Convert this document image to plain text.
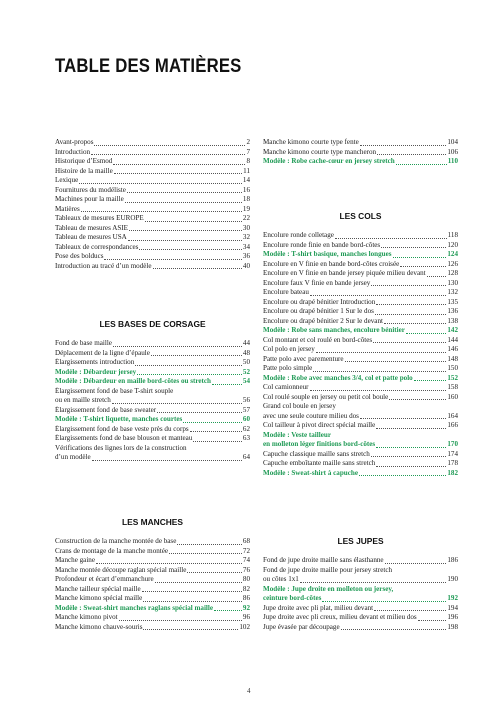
TABLE DES MATIÈRES
Avant-propos	2
Introduction	7
Historique d’Esmod	8
Histoire de la maille	11
Lexique	14
Fournitures du modéliste	16
Machines pour la maille	18
Matières	19
Tableaux de mesures EUROPE	22
Tableau de mesures ASIE	30
Tableau de mesures USA	32
Tableaux de correspondances	34
Pose des bolducs	36
Introduction au tracé d’un modèle	40
LES BASES DE CORSAGE
Fond de base maille	44
Déplacement de la ligne d’épaule	48
Élargissements introduction	50
Modèle : Débardeur jersey	52
Modèle : Débardeur en maille bord-côtes ou stretch	54
Élargissement fond de base T-shirt souple
ou en maille stretch	56
Élargissement fond de base sweater	57
Modèle : T-shirt liquette, manches courtes	60
Élargissement fond de base veste près du corps	62
Élargissements fond de base blouson et manteau	63
Vérifications des lignes lors de la construction
d’un modèle	64
LES MANCHES
Construction de la manche montée de base	68
Crans de montage de la manche montée	72
Manche gaine	74
Manche montée découpe raglan spécial maille	76
Profondeur et écart d’emmanchure	80
Manche tailleur spécial maille	82
Manche kimono spécial maille	86
Modèle : Sweat-shirt manches raglans spécial maille	92
Manche kimono pivot	96
Manche kimono chauve-souris	102
Manche kimono courte type fente	104
Manche kimono courte type mancheron	106
Modèle : Robe cache-cœur en jersey stretch	110
LES COLS
Encolure ronde colletage	118
Encolure ronde finie en bande bord-côtes	120
Modèle : T-shirt basique, manches longues	124
Encolure en V finie en bande bord-côtes croisée	126
Encolure en V finie en bande jersey piquée milieu devant	128
Encolure faux V finie en bande jersey	130
Encolure bateau	132
Encolure ou drapé bénitier Introduction	135
Encolure ou drapé bénitier 1 Sur le dos	136
Encolure ou drapé bénitier 2 Sur le devant	138
Modèle : Robe sans manches, encolure bénitier	142
Col montant et col roulé en bord-côtes	144
Col polo en jersey	146
Patte polo avec parementure	148
Patte polo simple	150
Modèle : Robe avec manches 3/4, col et patte polo	152
Col camionneur	158
Col roulé souple en jersey ou petit col boule	160
Grand col boule en jersey
avec une seule couture milieu dos	164
Col tailleur à pivot direct spécial maille	166
Modèle : Veste tailleur
en molleton léger finitions bord-côtes	170
Capuche classique maille sans stretch	174
Capuche emboîtante maille sans stretch	178
Modèle : Sweat-shirt à capuche	182
LES JUPES
Fond de jupe droite maille sans élasthanne	186
Fond de jupe droite maille pour jersey stretch
ou côtes 1x1	190
Modèle : Jupe droite en molleton ou jersey,
ceinture bord-côtes	192
Jupe droite avec pli plat, milieu devant	194
Jupe droite avec pli creux, milieu devant et milieu dos	196
Jupe évasée par découpage	198
4
